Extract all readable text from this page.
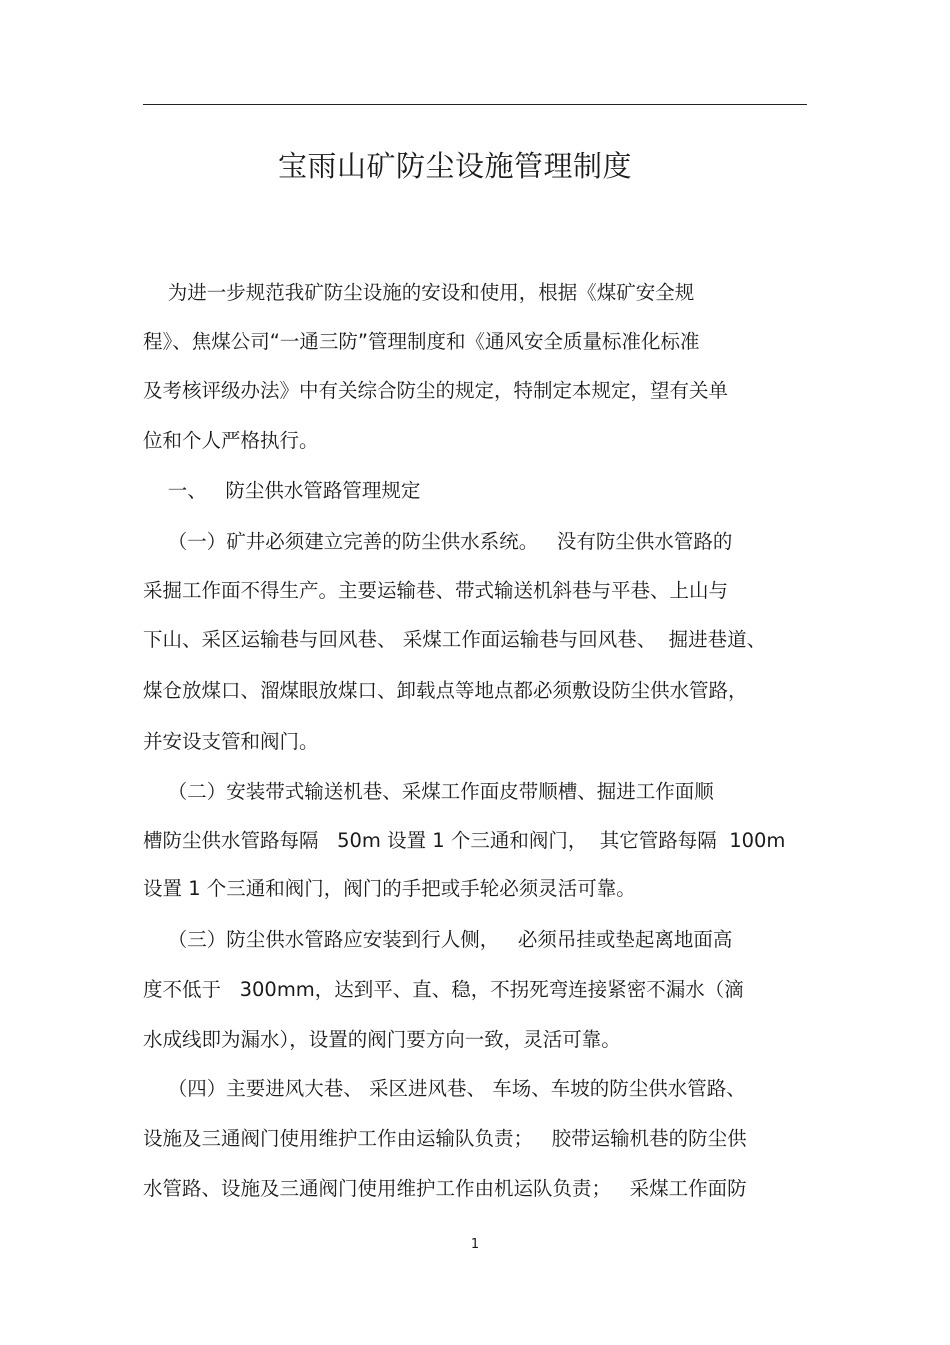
宝雨山矿防尘设施管理制度
为进一步规范我矿防尘设施的安设和使用，根据《煤矿安全规
程》、焦煤公司“一通三防”管理制度和《通风安全质量标准化标准
及考核评级办法》中有关综合防尘的规定，特制定本规定，望有关单
位和个人严格执行。
一、   防尘供水管路管理规定
（一）矿井必须建立完善的防尘供水系统。   没有防尘供水管路的
采掘工作面不得生产。主要运输巷、带式输送机斜巷与平巷、上山与
下山、采区运输巷与回风巷、 采煤工作面运输巷与回风巷、  掘进巷道、
煤仓放煤口、溜煤眼放煤口、卸载点等地点都必须敷设防尘供水管路，
并安设支管和阀门。
（二）安装带式输送机巷、采煤工作面皮带顺槽、掘进工作面顺
槽防尘供水管路每隔   50m 设置 1 个三通和阀门，  其它管路每隔  100m
设置 1 个三通和阀门，阀门的手把或手轮必须灵活可靠。
（三）防尘供水管路应安装到行人侧，   必须吊挂或垫起离地面高
度不低于   300mm，达到平、直、稳，不拐死弯连接紧密不漏水（滴
水成线即为漏水），设置的阀门要方向一致，灵活可靠。
（四）主要进风大巷、 采区进风巷、 车场、车坡的防尘供水管路、
设施及三通阀门使用维护工作由运输队负责；   胶带运输机巷的防尘供
水管路、设施及三通阀门使用维护工作由机运队负责；   采煤工作面防
1
